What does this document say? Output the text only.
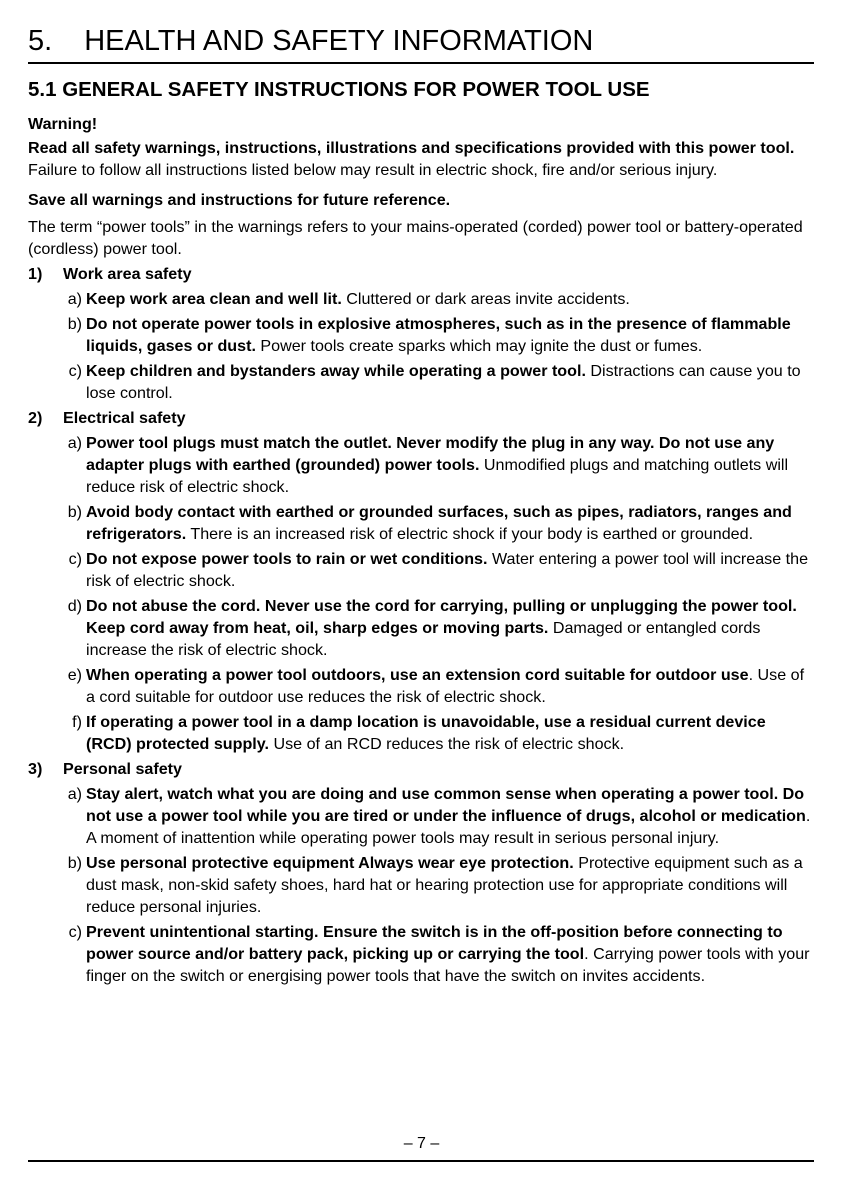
5. HEALTH AND SAFETY INFORMATION
5.1 GENERAL SAFETY INSTRUCTIONS FOR POWER TOOL USE

Warning!

Read all safety warnings, instructions, illustrations and specifications provided with this power tool. Failure to follow all instructions listed below may result in electric shock, fire and/or serious injury.

Save all warnings and instructions for future reference.

The term “power tools” in the warnings refers to your mains-operated (corded) power tool or battery-operated (cordless) power tool.

1)	Work area safety
a) Keep work area clean and well lit. Cluttered or dark areas invite accidents.
b) Do not operate power tools in explosive atmospheres, such as in the presence of flammable liquids, gases or dust. Power tools create sparks which may ignite the dust or fumes.
c) Keep children and bystanders away while operating a power tool. Distractions can cause you to lose control.
2)	Electrical safety
a) Power tool plugs must match the outlet. Never modify the plug in any way. Do not use any adapter plugs with earthed (grounded) power tools. Unmodified plugs and matching outlets will reduce risk of electric shock.
b) Avoid body contact with earthed or grounded surfaces, such as pipes, radiators, ranges and refrigerators. There is an increased risk of electric shock if your body is earthed or grounded.
c) Do not expose power tools to rain or wet conditions. Water entering a power tool will increase the risk of electric shock.
d) Do not abuse the cord. Never use the cord for carrying, pulling or unplugging the power tool. Keep cord away from heat, oil, sharp edges or moving parts. Damaged or entangled cords increase the risk of electric shock.
e) When operating a power tool outdoors, use an extension cord suitable for outdoor use. Use of a cord suitable for outdoor use reduces the risk of electric shock.
f) If operating a power tool in a damp location is unavoidable, use a residual current device (RCD) protected supply. Use of an RCD reduces the risk of electric shock.
3)	Personal safety
a) Stay alert, watch what you are doing and use common sense when operating a power tool. Do not use a power tool while you are tired or under the influence of drugs, alcohol or medication. A moment of inattention while operating power tools may result in serious personal injury.
b) Use personal protective equipment Always wear eye protection. Protective equipment such as a dust mask, non-skid safety shoes, hard hat or hearing protection use for appropriate conditions will reduce personal injuries.
c) Prevent unintentional starting. Ensure the switch is in the off-position before connecting to power source and/or battery pack, picking up or carrying the tool. Carrying power tools with your finger on the switch or energising power tools that have the switch on invites accidents.
– 7 –
